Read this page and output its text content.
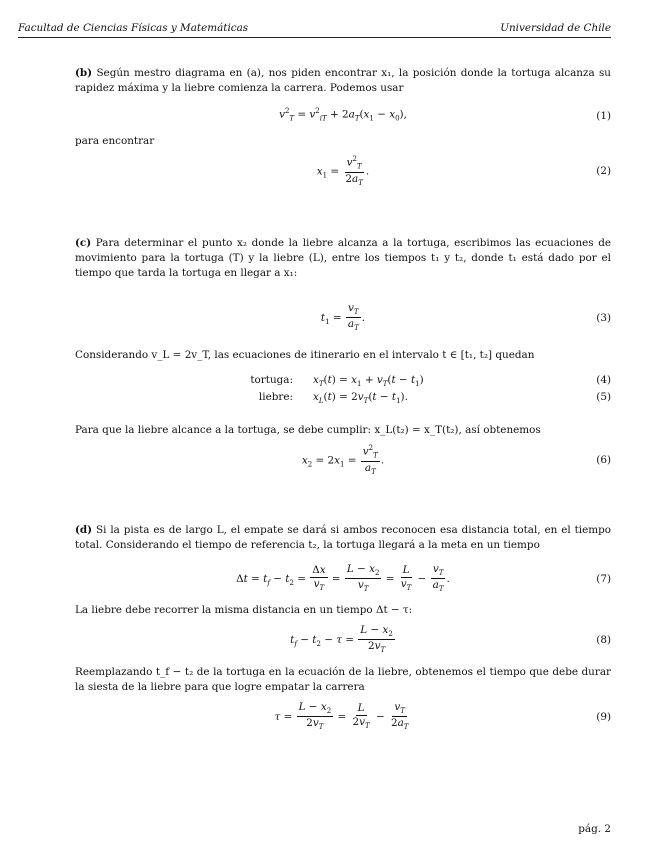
Facultad de Ciencias Físicas y Matemáticas	Universidad de Chile
(b) Según mestro diagrama en (a), nos piden encontrar x₁, la posición donde la tortuga alcanza su rapidez máxima y la liebre comienza la carrera. Podemos usar
$v^2_T = v^2_{iT} + 2a_T(x_1 - x_0)$,	(1)
para encontrar
$x_1 = \frac{v^2_T}{2a_T}$ .	(2)
(c) Para determinar el punto x₂ donde la liebre alcanza a la tortuga, escribimos las ecuaciones de movimiento para la tortuga (T) y la liebre (L), entre los tiempos t₁ y t₂, donde t₁ está dado por el tiempo que tarda la tortuga en llegar a x₁:
$t_1 = \frac{v_T}{a_T}$ .	(3)
Considerando v_L = 2v_T, las ecuaciones de itinerario en el intervalo t ∈ [t₁, t₂] quedan
tortuga: $x_T(t) = x_1 + v_T(t - t_1)$	(4)
liebre: $x_L(t) = 2v_T(t - t_1)$.	(5)
Para que la liebre alcance a la tortuga, se debe cumplir: x_L(t₂) = x_T(t₂), así obtenemos
$x_2 = 2x_1 = \frac{v^2_T}{a_T}$ .	(6)
(d) Si la pista es de largo L, el empate se dará si ambos reconocen esa distancia total, en el tiempo total. Considerando el tiempo de referencia t₂, la tortuga llegará a la meta en un tiempo
$\Delta t = t_f - t_2 = \frac{\Delta x}{v_T} = \frac{L - x_2}{v_T} = \frac{L}{v_T} - \frac{v_T}{a_T}$ .	(7)
La liebre debe recorrer la misma distancia en un tiempo Δt − τ:
$t_f - t_2 - \tau = \frac{L - x_2}{2v_T}$	(8)
Reemplazando t_f − t₂ de la tortuga en la ecuación de la liebre, obtenemos el tiempo que debe durar la siesta de la liebre para que logre empatar la carrera
$\tau = \frac{L - x_2}{2v_T} = \frac{L}{2v_T} - \frac{v_T}{2a_T}$	(9)
pág. 2
